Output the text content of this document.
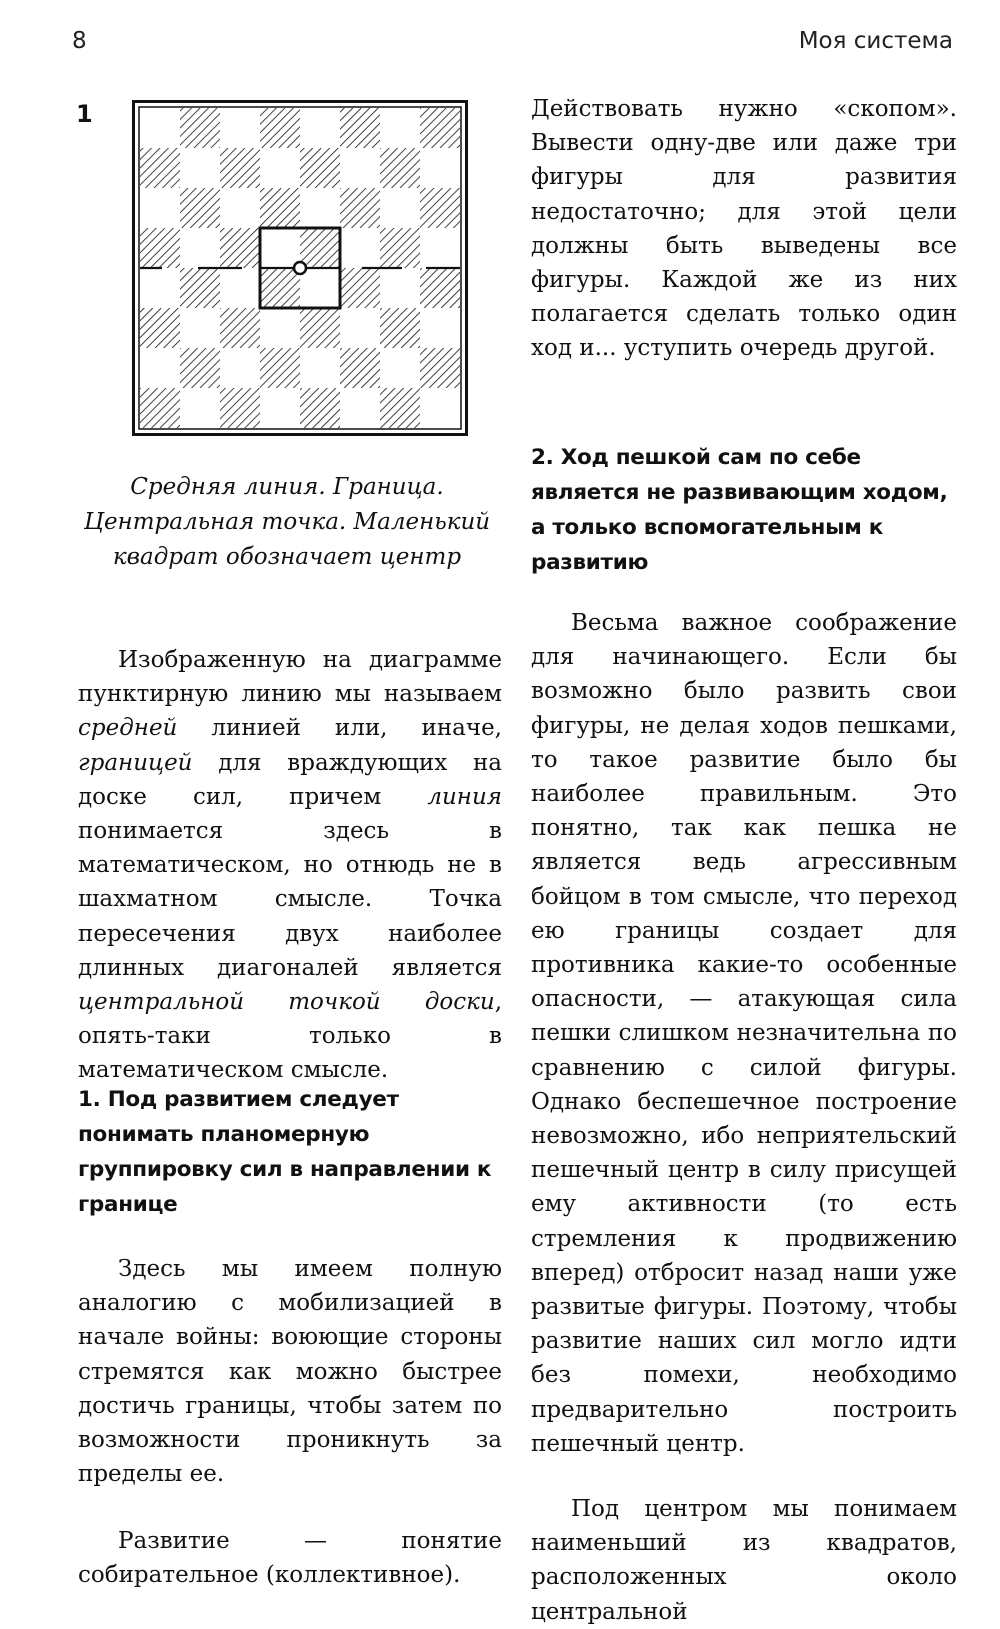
8	Моя система
1
Средняя линия. Граница. Центральная точка. Маленький квадрат обозначает центр

Изображенную на диаграмме пунктирную линию мы называем средней линией или, иначе, границей для враждующих на доске сил, причем линия понимается здесь в математическом, но отнюдь не в шахматном смысле. Точка пересечения двух наиболее длинных диагоналей является центральной точкой доски, опять-таки только в математическом смысле.

1. Под развитием следует понимать планомерную группировку сил в направлении к границе

Здесь мы имеем полную аналогию с мобилизацией в начале войны: воюющие стороны стремятся как можно быстрее достичь границы, чтобы затем по возможности проникнуть за пределы ее.

Развитие — понятие собирательное (коллективное).

Действовать нужно «скопом». Вывести одну-две или даже три фигуры для развития недостаточно; для этой цели должны быть выведены все фигуры. Каждой же из них полагается сделать только один ход и... уступить очередь другой.

2. Ход пешкой сам по себе является не развивающим ходом, а только вспомогательным к развитию

Весьма важное соображение для начинающего. Если бы возможно было развить свои фигуры, не делая ходов пешками, то такое развитие было бы наиболее правильным. Это понятно, так как пешка не является ведь агрессивным бойцом в том смысле, что переход ею границы создает для противника какие-то особенные опасности, — атакующая сила пешки слишком незначительна по сравнению с силой фигуры. Однако беспешечное построение невозможно, ибо неприятельский пешечный центр в силу присущей ему активности (то есть стремления к продвижению вперед) отбросит назад наши уже развитые фигуры. Поэтому, чтобы развитие наших сил могло идти без помехи, необходимо предварительно построить пешечный центр.

Под центром мы понимаем наименьший из квадратов, расположенных около центральной
